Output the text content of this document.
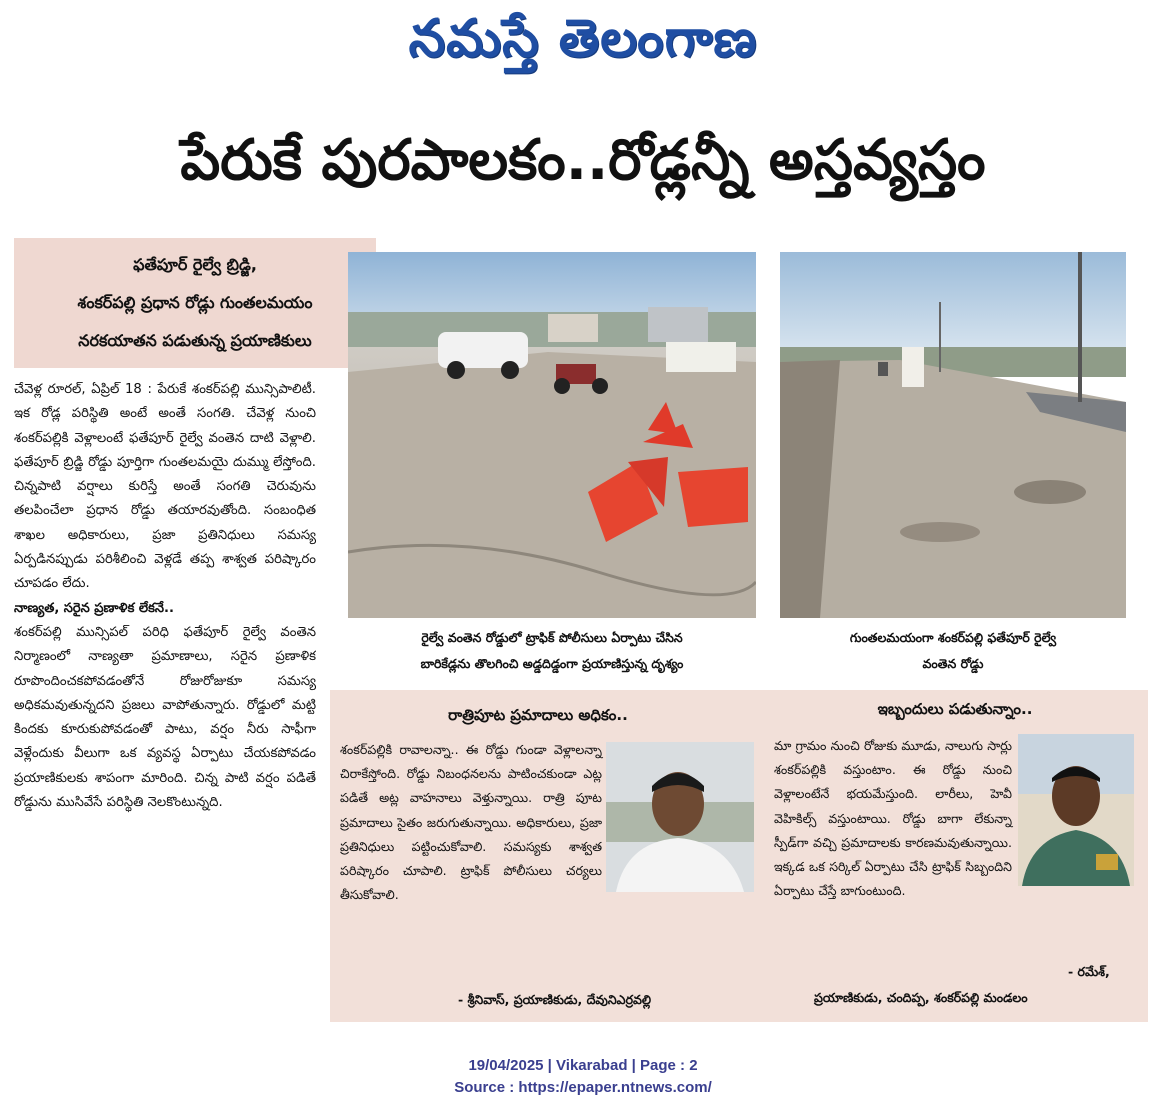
నమస్తే తెలంగాణ
పేరుకే పురపాలకం..రోడ్లన్నీ అస్తవ్యస్తం
ఫతేపూర్ రైల్వే బ్రిడ్జి,
శంకర్‌పల్లి ప్రధాన రోడ్లు గుంతలమయం
నరకయాతన పడుతున్న ప్రయాణికులు
రైల్వే వంతెన రోడ్డులో ట్రాఫిక్ పోలీసులు ఏర్పాటు చేసిన
బారికేడ్లను తొలగించి అడ్డదిడ్డంగా ప్రయాణిస్తున్న దృశ్యం
గుంతలమయంగా శంకర్‌పల్లి ఫతేపూర్ రైల్వే
వంతెన రోడ్డు

చేవెళ్ల రూరల్, ఏప్రిల్ 18 : పేరుకే శంకర్‌పల్లి మున్సిపాలిటీ. ఇక రోడ్ల పరిస్థితి అంటే అంతే సంగతి. చేవెళ్ల నుంచి శంకర్‌పల్లికి వెళ్లాలంటే ఫతేపూర్ రైల్వే వంతెన దాటి వెళ్లాలి. ఫతేపూర్ బ్రిడ్జి రోడ్డు పూర్తిగా గుంతలమయై దుమ్ము లేస్తోంది. చిన్నపాటి వర్షాలు కురిస్తే అంతే సంగతి చెరువును తలపించేలా ప్రధాన రోడ్డు తయారవుతోంది. సంబంధిత శాఖల అధికారులు, ప్రజా ప్రతినిధులు సమస్య ఏర్పడినప్పుడు పరిశీలించి వెళ్లడే తప్ప శాశ్వత పరిష్కారం చూపడం లేదు.

నాణ్యత, సరైన ప్రణాళిక లేకనే..

శంకర్‌పల్లి మున్సిపల్ పరిధి ఫతేపూర్ రైల్వే వంతెన నిర్మాణంలో నాణ్యతా ప్రమాణాలు, సరైన ప్రణాళిక రూపొందించకపోవడంతోనే రోజురోజుకూ సమస్య అధికమవుతున్నదని ప్రజలు వాపోతున్నారు. రోడ్డులో మట్టి కిందకు కూరుకుపోవడంతో పాటు, వర్షం నీరు సాఫీగా వెళ్లేందుకు వీలుగా ఒక వ్యవస్థ ఏర్పాటు చేయకపోవడం ప్రయాణికులకు శాపంగా మారింది. చిన్న పాటి వర్షం పడితే రోడ్డును ముసివేసే పరిస్థితి నెలకొంటున్నది.

రాత్రిపూట ప్రమాదాలు అధికం..

శంకర్‌పల్లికి రావాలన్నా.. ఈ రోడ్డు గుండా వెళ్లాలన్నా చిరాకేస్తోంది. రోడ్డు నిబంధనలను పాటించకుండా ఎట్ల పడితే అట్ల వాహనాలు వెళ్తున్నాయి. రాత్రి పూట ప్రమాదాలు సైతం జరుగుతున్నాయి. అధికారులు, ప్రజా ప్రతినిధులు పట్టించుకోవాలి. సమస్యకు శాశ్వత పరిష్కారం చూపాలి. ట్రాఫిక్ పోలీసులు చర్యలు తీసుకోవాలి.

- శ్రీనివాస్, ప్రయాణికుడు, దేవునిఎర్రవల్లి
ఇబ్బందులు పడుతున్నాం..

మా గ్రామం నుంచి రోజుకు మూడు, నాలుగు సార్లు శంకర్‌పల్లికి వస్తుంటాం. ఈ రోడ్డు నుంచి వెళ్లాలంటేనే భయమేస్తుంది. లారీలు, హెవీ వెహికిల్స్ వస్తుంటాయి. రోడ్డు బాగా లేకున్నా స్పీడ్‌గా వచ్చి ప్రమాదాలకు కారణమవుతున్నాయి. ఇక్కడ ఒక సర్కిల్ ఏర్పాటు చేసి ట్రాఫిక్ సిబ్బందిని ఏర్పాటు చేస్తే బాగుంటుంది.

- రమేశ్,
ప్రయాణికుడు, చందిప్ప, శంకర్‌పల్లి మండలం
19/04/2025 | Vikarabad | Page : 2
Source : https://epaper.ntnews.com/
